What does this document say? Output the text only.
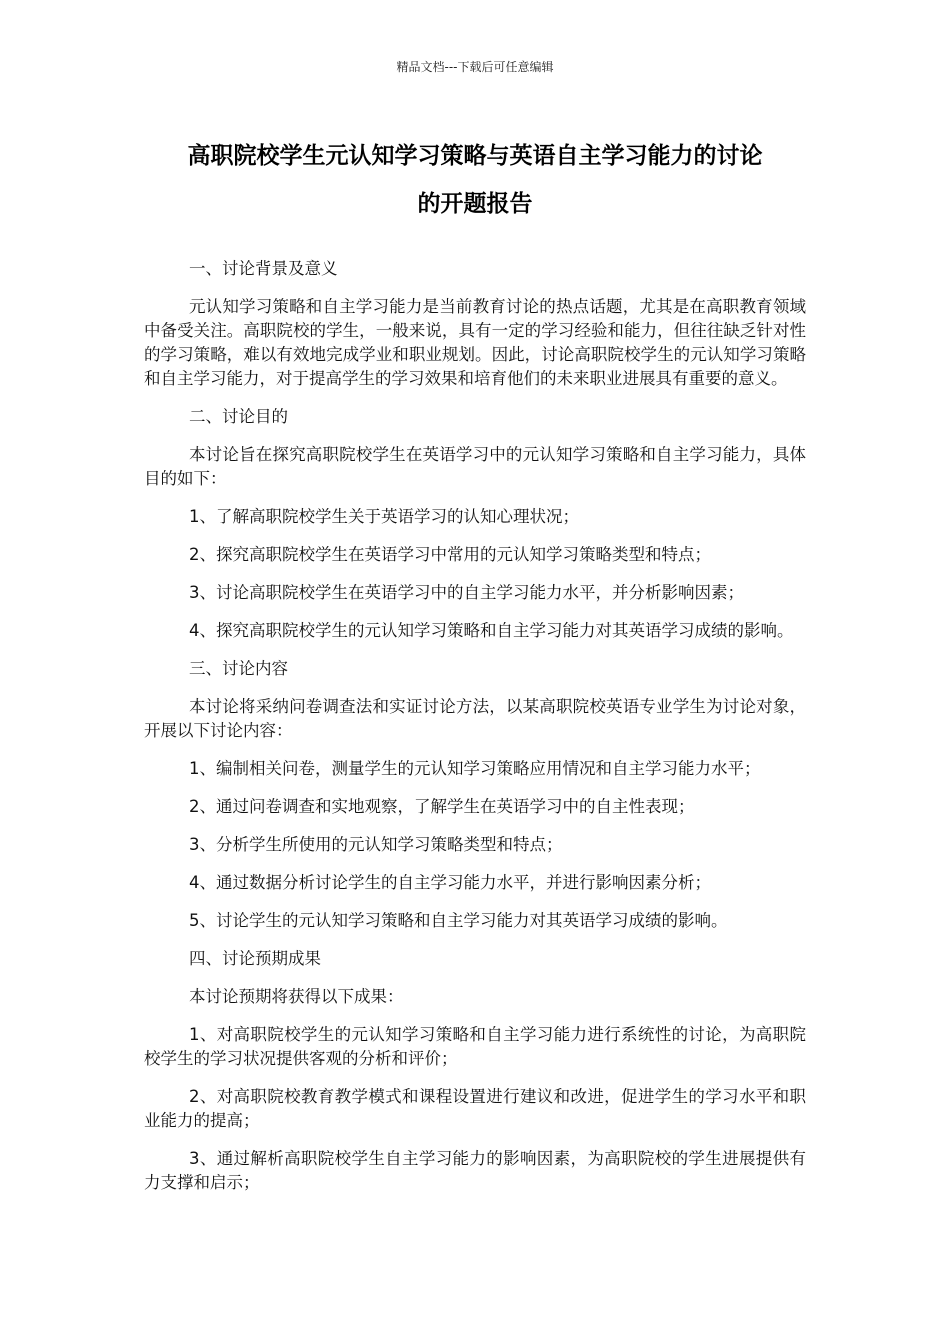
精品文档---下载后可任意编辑
高职院校学生元认知学习策略与英语自主学习能力的讨论
的开题报告
一、讨论背景及意义
元认知学习策略和自主学习能力是当前教育讨论的热点话题，尤其是在高职教育领域中备受关注。高职院校的学生，一般来说，具有一定的学习经验和能力，但往往缺乏针对性的学习策略，难以有效地完成学业和职业规划。因此，讨论高职院校学生的元认知学习策略和自主学习能力，对于提高学生的学习效果和培育他们的未来职业进展具有重要的意义。
二、讨论目的
本讨论旨在探究高职院校学生在英语学习中的元认知学习策略和自主学习能力，具体目的如下：
1、了解高职院校学生关于英语学习的认知心理状况；
2、探究高职院校学生在英语学习中常用的元认知学习策略类型和特点；
3、讨论高职院校学生在英语学习中的自主学习能力水平，并分析影响因素；
4、探究高职院校学生的元认知学习策略和自主学习能力对其英语学习成绩的影响。
三、讨论内容
本讨论将采纳问卷调查法和实证讨论方法，以某高职院校英语专业学生为讨论对象，开展以下讨论内容：
1、编制相关问卷，测量学生的元认知学习策略应用情况和自主学习能力水平；
2、通过问卷调查和实地观察，了解学生在英语学习中的自主性表现；
3、分析学生所使用的元认知学习策略类型和特点；
4、通过数据分析讨论学生的自主学习能力水平，并进行影响因素分析；
5、讨论学生的元认知学习策略和自主学习能力对其英语学习成绩的影响。
四、讨论预期成果
本讨论预期将获得以下成果：
1、对高职院校学生的元认知学习策略和自主学习能力进行系统性的讨论，为高职院校学生的学习状况提供客观的分析和评价；
2、对高职院校教育教学模式和课程设置进行建议和改进，促进学生的学习水平和职业能力的提高；
3、通过解析高职院校学生自主学习能力的影响因素，为高职院校的学生进展提供有力支撑和启示；
